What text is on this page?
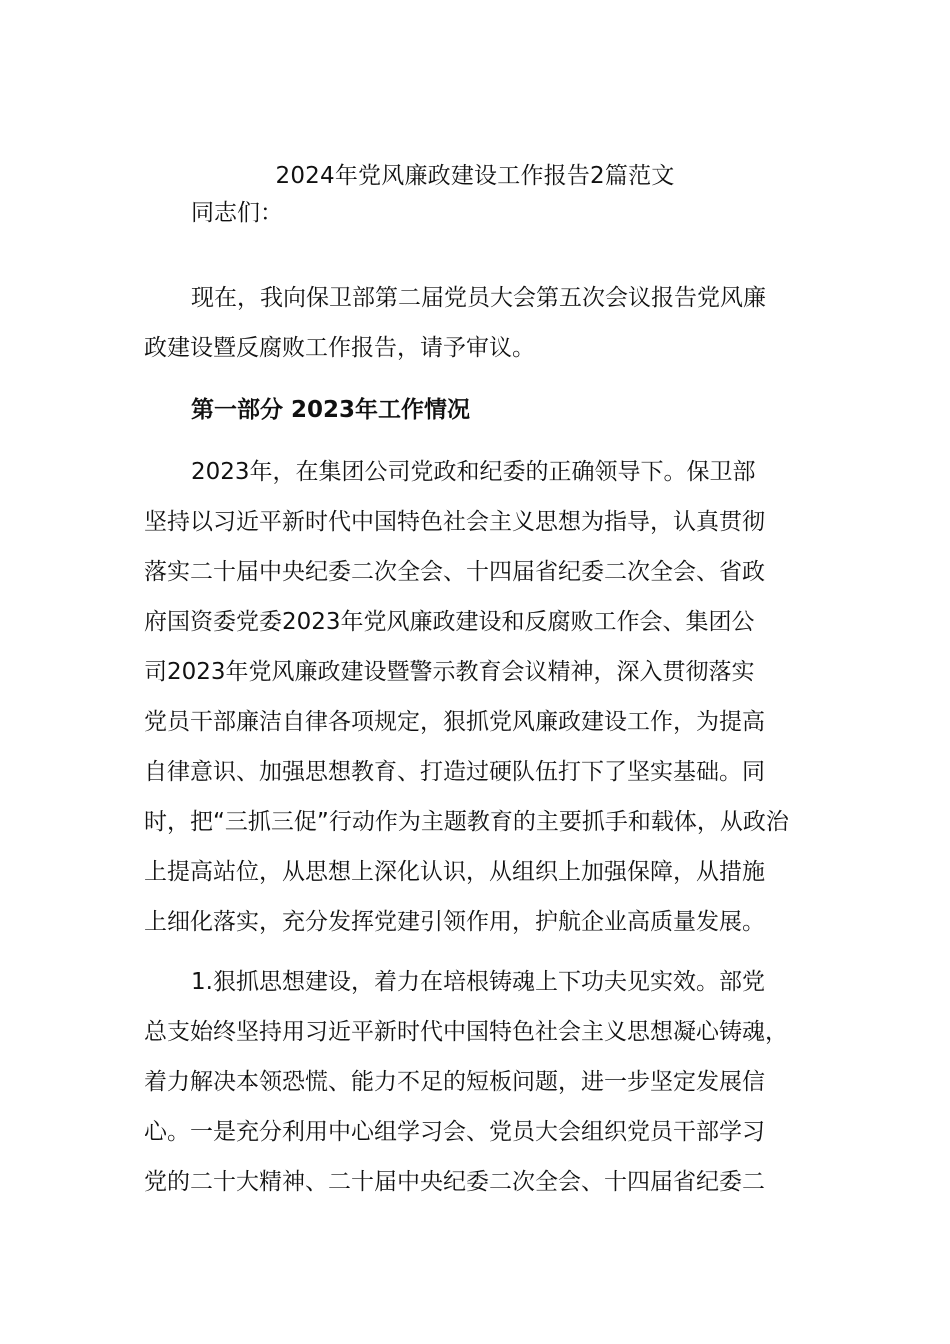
2024年党风廉政建设工作报告2篇范文
同志们：
现在，我向保卫部第二届党员大会第五次会议报告党风廉
政建设暨反腐败工作报告，请予审议。
第一部分 2023年工作情况
2023年，在集团公司党政和纪委的正确领导下。保卫部
坚持以习近平新时代中国特色社会主义思想为指导，认真贯彻
落实二十届中央纪委二次全会、十四届省纪委二次全会、省政
府国资委党委2023年党风廉政建设和反腐败工作会、集团公
司2023年党风廉政建设暨警示教育会议精神，深入贯彻落实
党员干部廉洁自律各项规定，狠抓党风廉政建设工作，为提高
自律意识、加强思想教育、打造过硬队伍打下了坚实基础。同
时，把“三抓三促”行动作为主题教育的主要抓手和载体，从政治
上提高站位，从思想上深化认识，从组织上加强保障，从措施
上细化落实，充分发挥党建引领作用，护航企业高质量发展。
1.狠抓思想建设，着力在培根铸魂上下功夫见实效。部党
总支始终坚持用习近平新时代中国特色社会主义思想凝心铸魂，
着力解决本领恐慌、能力不足的短板问题，进一步坚定发展信
心。一是充分利用中心组学习会、党员大会组织党员干部学习
党的二十大精神、二十届中央纪委二次全会、十四届省纪委二
